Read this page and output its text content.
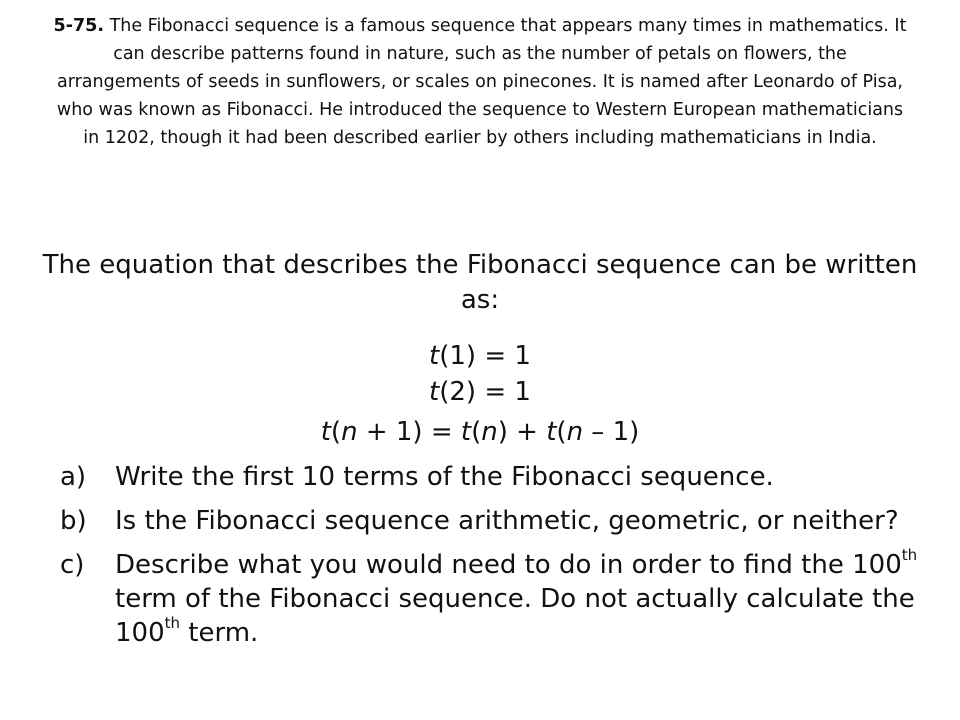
5-75. The Fibonacci sequence is a famous sequence that appears many times in mathematics. It can describe patterns found in nature, such as the number of petals on flowers, the arrangements of seeds in sunflowers, or scales on pinecones. It is named after Leonardo of Pisa, who was known as Fibonacci. He introduced the sequence to Western European mathematicians in 1202, though it had been described earlier by others including mathematicians in India.
The equation that describes the Fibonacci sequence can be written as:
t(1) = 1
t(2) = 1
t(n + 1) = t(n) + t(n – 1)
a)	Write the first 10 terms of the Fibonacci sequence.
b)	Is the Fibonacci sequence arithmetic, geometric, or neither?
c)	Describe what you would need to do in order to find the 100th term of the Fibonacci sequence. Do not actually calculate the 100th term.
